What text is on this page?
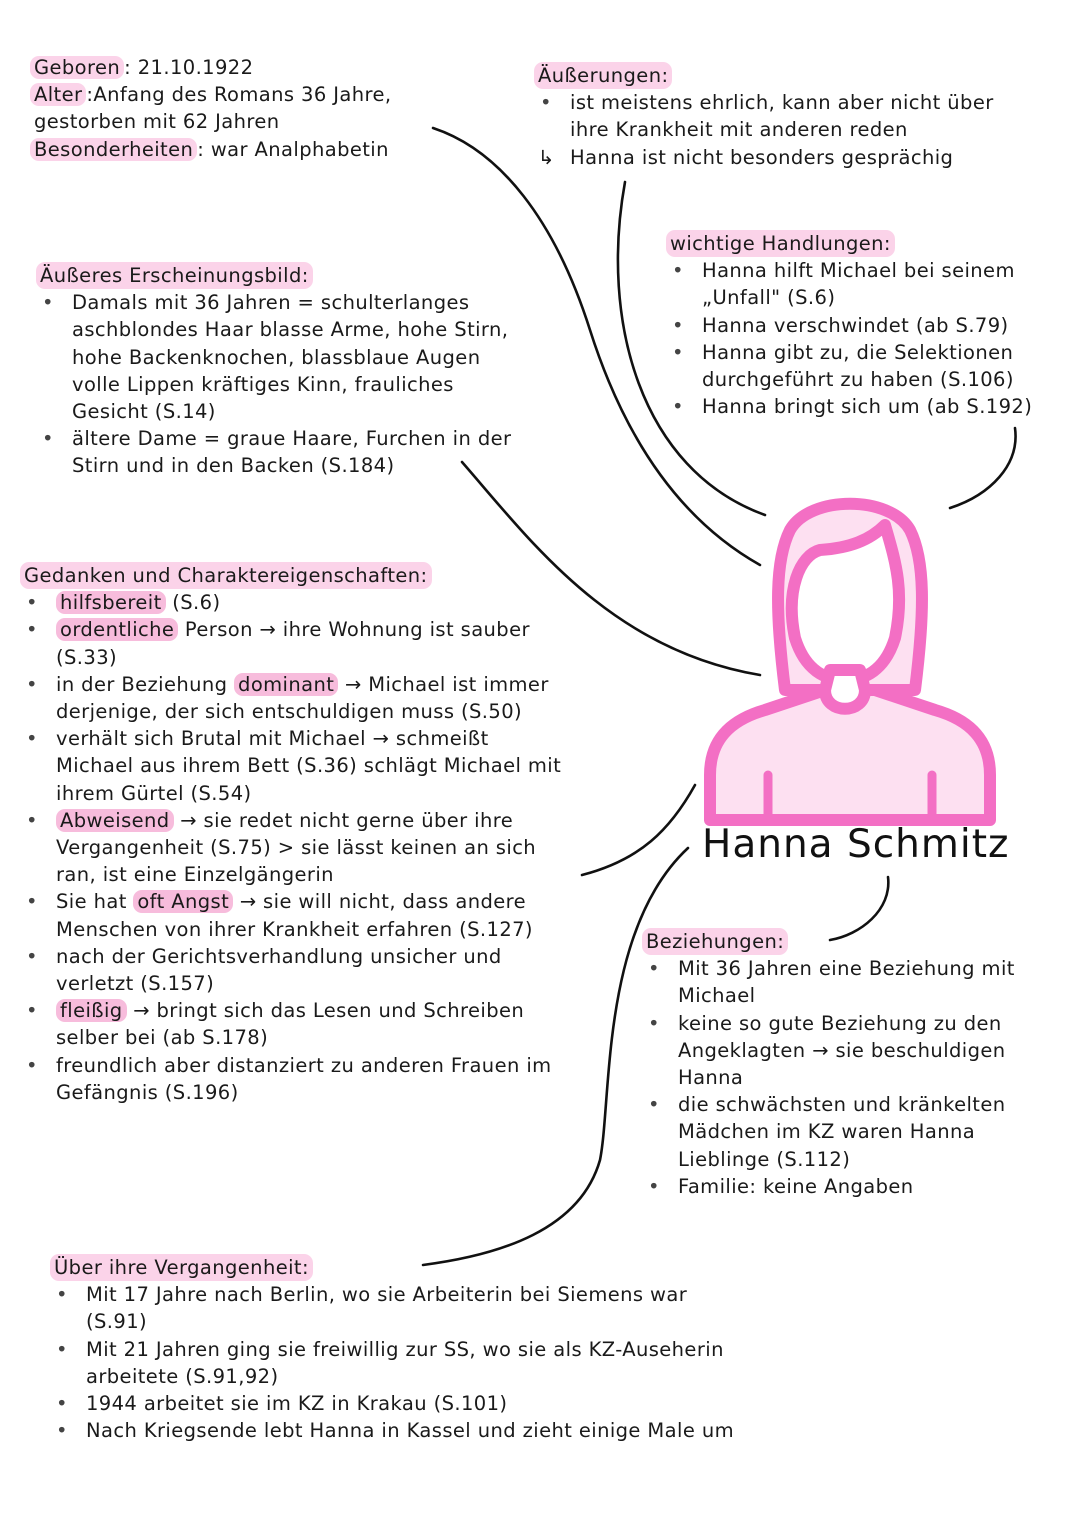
Hanna Schmitz
Geboren : 21.10.1922
Alter :Anfang des Romans 36 Jahre,
gestorben mit 62 Jahren
Besonderheiten : war Analphabetin
Äußerungen:
• ist meistens ehrlich, kann aber nicht über
ihre Krankheit mit anderen reden
↳ Hanna ist nicht besonders gesprächig
wichtige Handlungen:
• Hanna hilft Michael bei seinem
„Unfall" (S.6)
• Hanna verschwindet (ab S.79)
• Hanna gibt zu, die Selektionen
durchgeführt zu haben (S.106)
• Hanna bringt sich um (ab S.192)
Äußeres Erscheinungsbild:
• Damals mit 36 Jahren = schulterlanges
aschblondes Haar blasse Arme, hohe Stirn,
hohe Backenknochen, blassblaue Augen
volle Lippen kräftiges Kinn, frauliches
Gesicht (S.14)
• ältere Dame = graue Haare, Furchen in der
Stirn und in den Backen (S.184)
Gedanken und Charaktereigenschaften:
• hilfsbereit (S.6)
• ordentliche Person → ihre Wohnung ist sauber
(S.33)
• in der Beziehung dominant → Michael ist immer
derjenige, der sich entschuldigen muss (S.50)
• verhält sich Brutal mit Michael → schmeißt
Michael aus ihrem Bett (S.36) schlägt Michael mit
ihrem Gürtel (S.54)
• Abweisend → sie redet nicht gerne über ihre
Vergangenheit (S.75) > sie lässt keinen an sich
ran, ist eine Einzelgängerin
• Sie hat oft Angst → sie will nicht, dass andere
Menschen von ihrer Krankheit erfahren (S.127)
• nach der Gerichtsverhandlung unsicher und
verletzt (S.157)
• fleißig → bringt sich das Lesen und Schreiben
selber bei (ab S.178)
• freundlich aber distanziert zu anderen Frauen im
Gefängnis (S.196)
Beziehungen:
• Mit 36 Jahren eine Beziehung mit
Michael
• keine so gute Beziehung zu den
Angeklagten → sie beschuldigen
Hanna
• die schwächsten und kränkelten
Mädchen im KZ waren Hanna
Lieblinge (S.112)
• Familie: keine Angaben
Über ihre Vergangenheit:
• Mit 17 Jahre nach Berlin, wo sie Arbeiterin bei Siemens war
(S.91)
• Mit 21 Jahren ging sie freiwillig zur SS, wo sie als KZ-Auseherin
arbeitete (S.91,92)
• 1944 arbeitet sie im KZ in Krakau (S.101)
• Nach Kriegsende lebt Hanna in Kassel und zieht einige Male um
